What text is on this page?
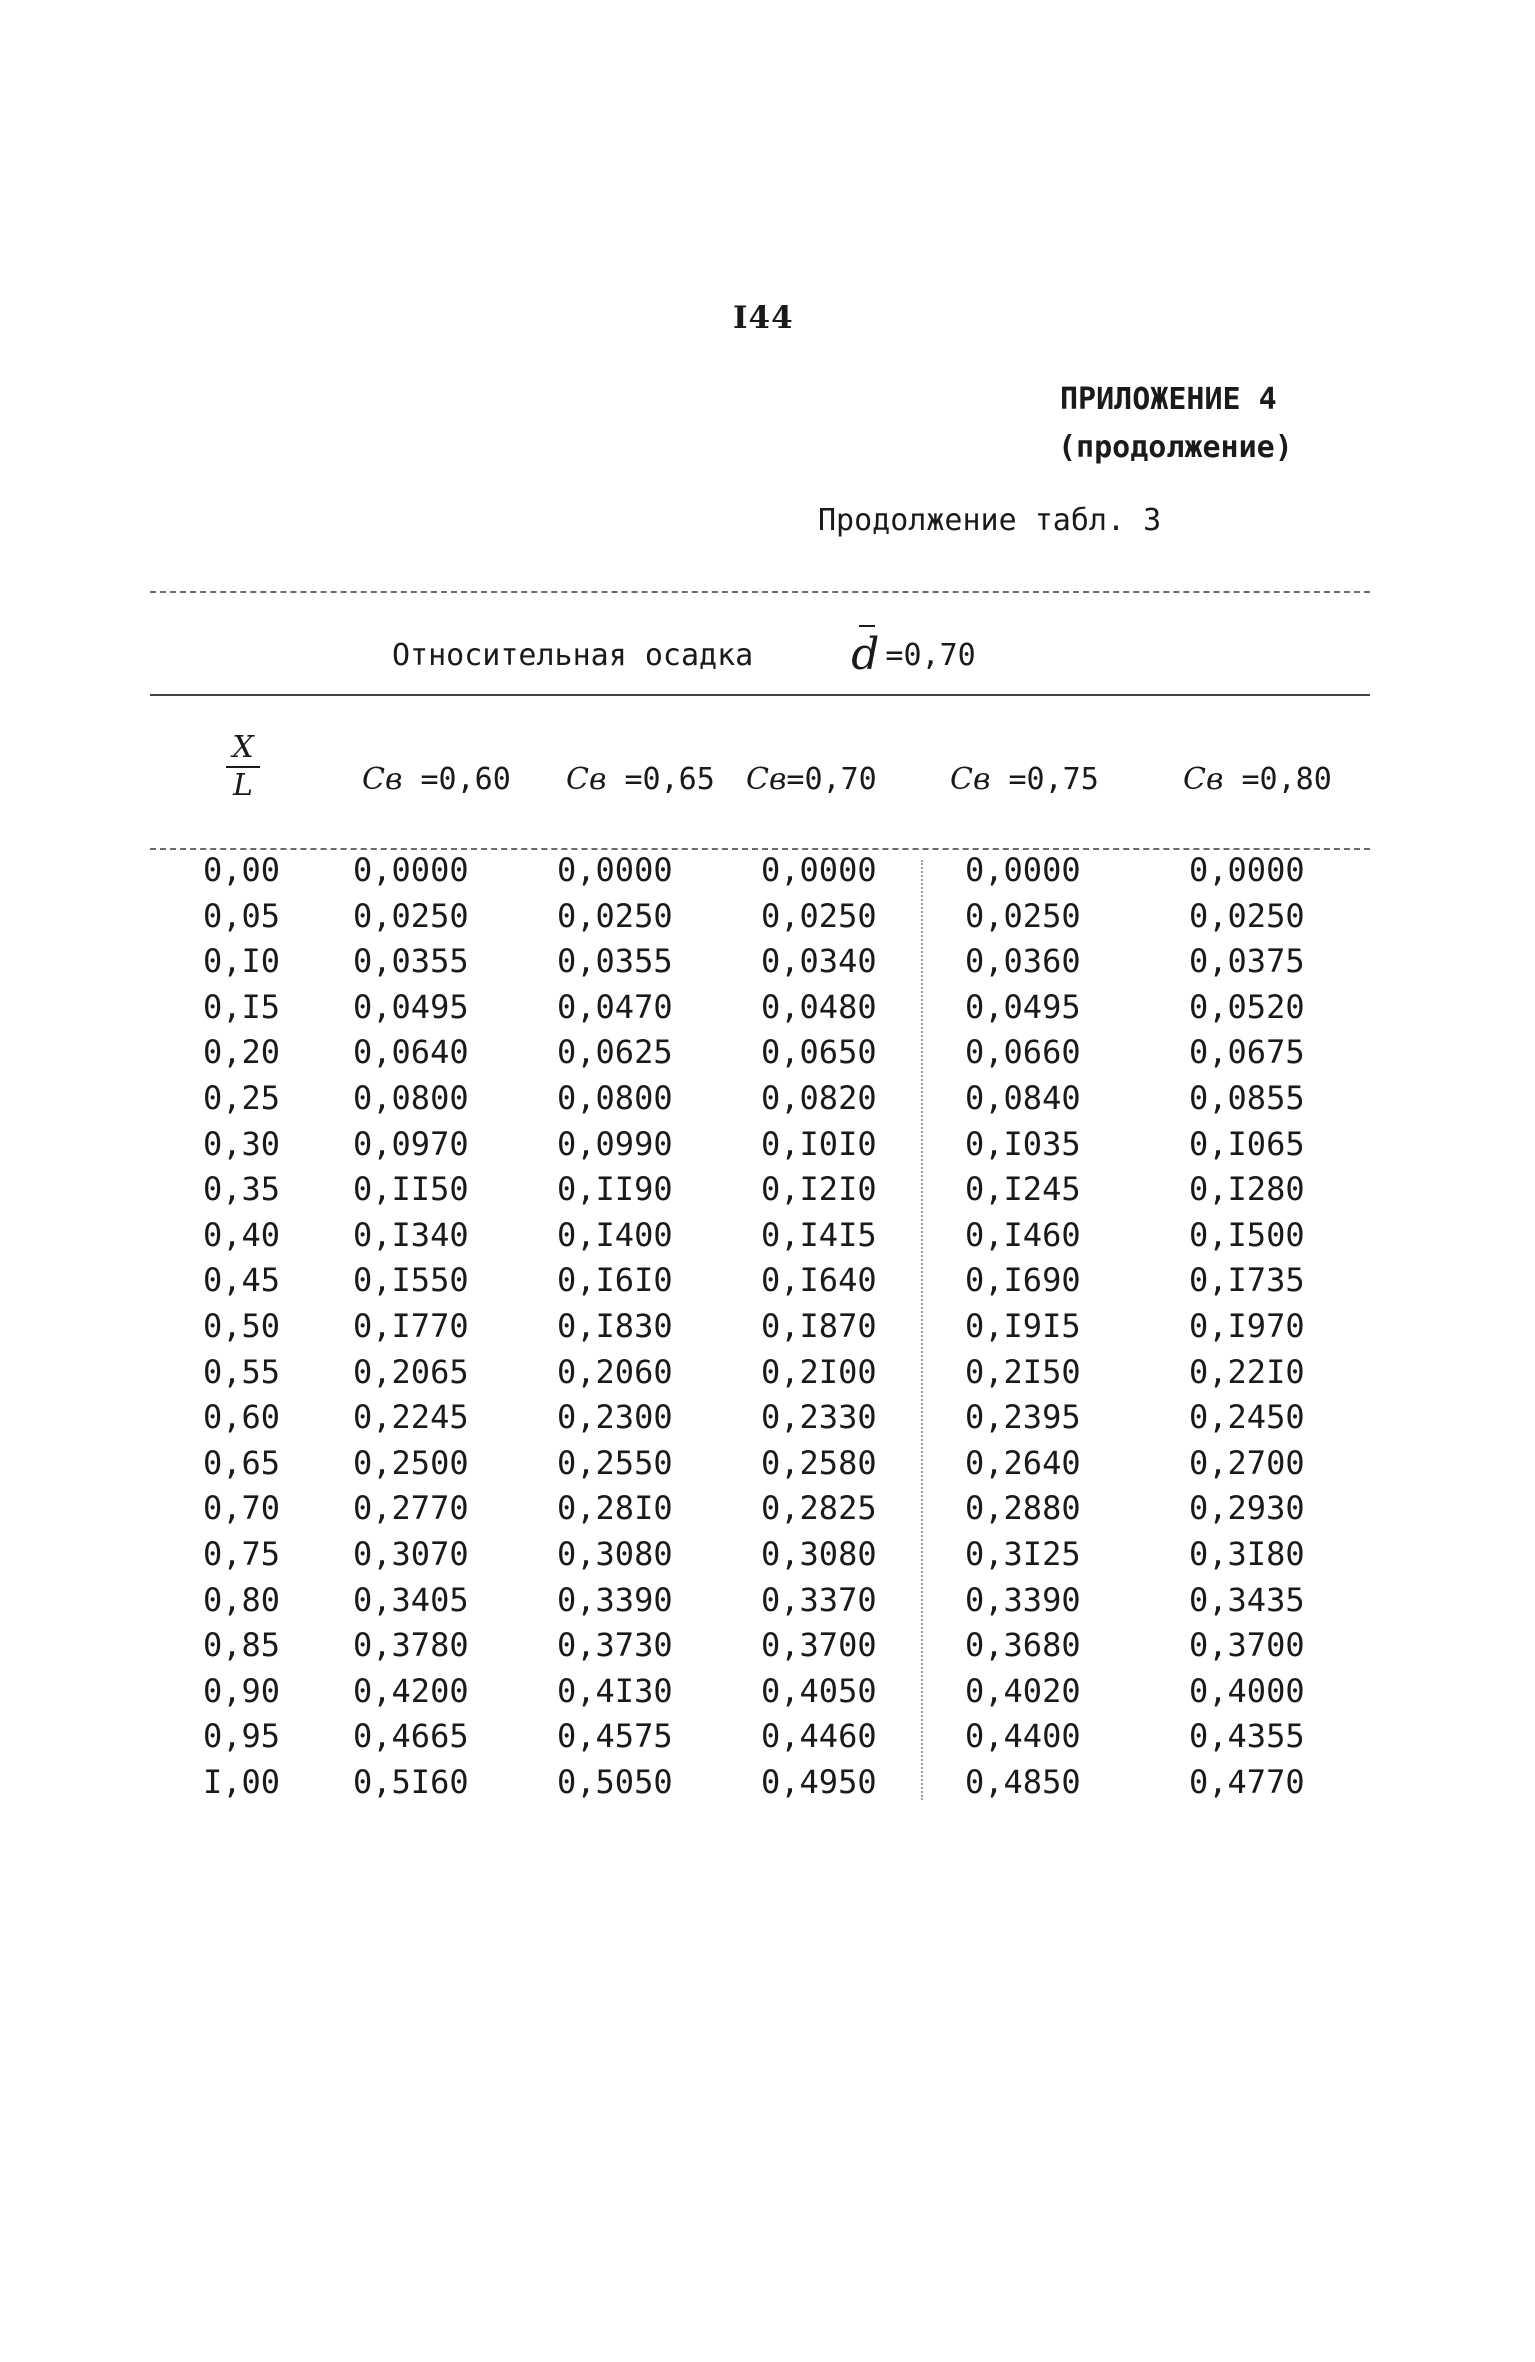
I44
ПРИЛОЖЕНИЕ 4
(продолжение)
Продолжение табл. 3
Относительная осадка d =0,70
X
L	Cв =0,60 Cв =0,65 Cв=0,70 Cв =0,75	Cв =0,80
0,00 0,0000	0,0000	0,0000	0,0000	0,0000
0,05 0,0250	0,0250	0,0250	0,0250	0,0250
0,I0 0,0355	0,0355	0,0340	0,0360	0,0375
0,I5 0,0495	0,0470	0,0480	0,0495	0,0520
0,20 0,0640	0,0625	0,0650	0,0660	0,0675
0,25 0,0800	0,0800	0,0820	0,0840	0,0855
0,30 0,0970	0,0990	0,I0I0	0,I035	0,I065
0,35 0,II50	0,II90	0,I2I0	0,I245	0,I280
0,40 0,I340	0,I400	0,I4I5	0,I460	0,I500
0,45 0,I550	0,I6I0	0,I640	0,I690	0,I735
0,50 0,I770	0,I830	0,I870	0,I9I5	0,I970
0,55 0,2065	0,2060	0,2I00	0,2I50	0,22I0
0,60 0,2245	0,2300	0,2330	0,2395	0,2450
0,65 0,2500	0,2550	0,2580	0,2640	0,2700
0,70 0,2770	0,28I0	0,2825	0,2880	0,2930
0,75 0,3070	0,3080	0,3080	0,3I25	0,3I80
0,80 0,3405	0,3390	0,3370	0,3390	0,3435
0,85 0,3780	0,3730	0,3700	0,3680	0,3700
0,90 0,4200	0,4I30	0,4050	0,4020	0,4000
0,95 0,4665	0,4575	0,4460	0,4400	0,4355
I,00 0,5I60	0,5050	0,4950	0,4850	0,4770
